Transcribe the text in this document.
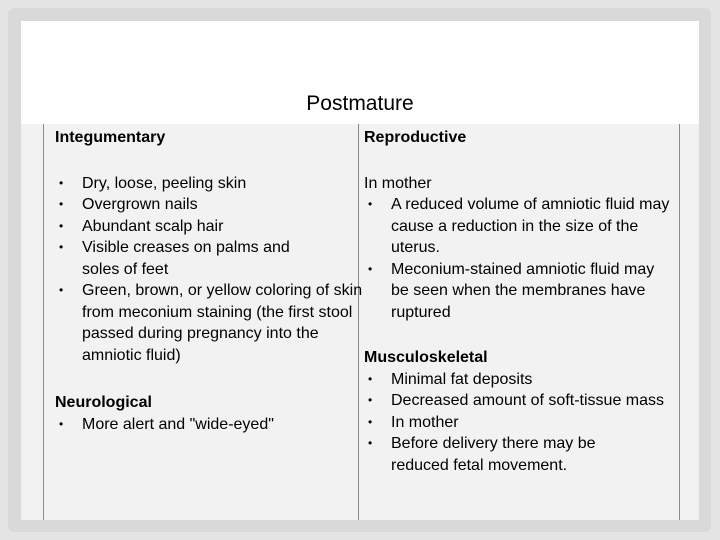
Postmature

Integumentary

• Dry, loose, peeling skin
• Overgrown nails
• Abundant scalp hair
• Visible creases on palms and soles of feet
• Green, brown, or yellow coloring of skin from meconium staining (the first stool passed during pregnancy into the amniotic fluid)

Neurological

• More alert and "wide-eyed"

Reproductive

In mother

• A reduced volume of amniotic fluid may cause a reduction in the size of the uterus.
• Meconium-stained amniotic fluid may be seen when the membranes have ruptured

Musculoskeletal

• Minimal fat deposits
• Decreased amount of soft-tissue mass
• In mother
• Before delivery there may be reduced fetal movement.
